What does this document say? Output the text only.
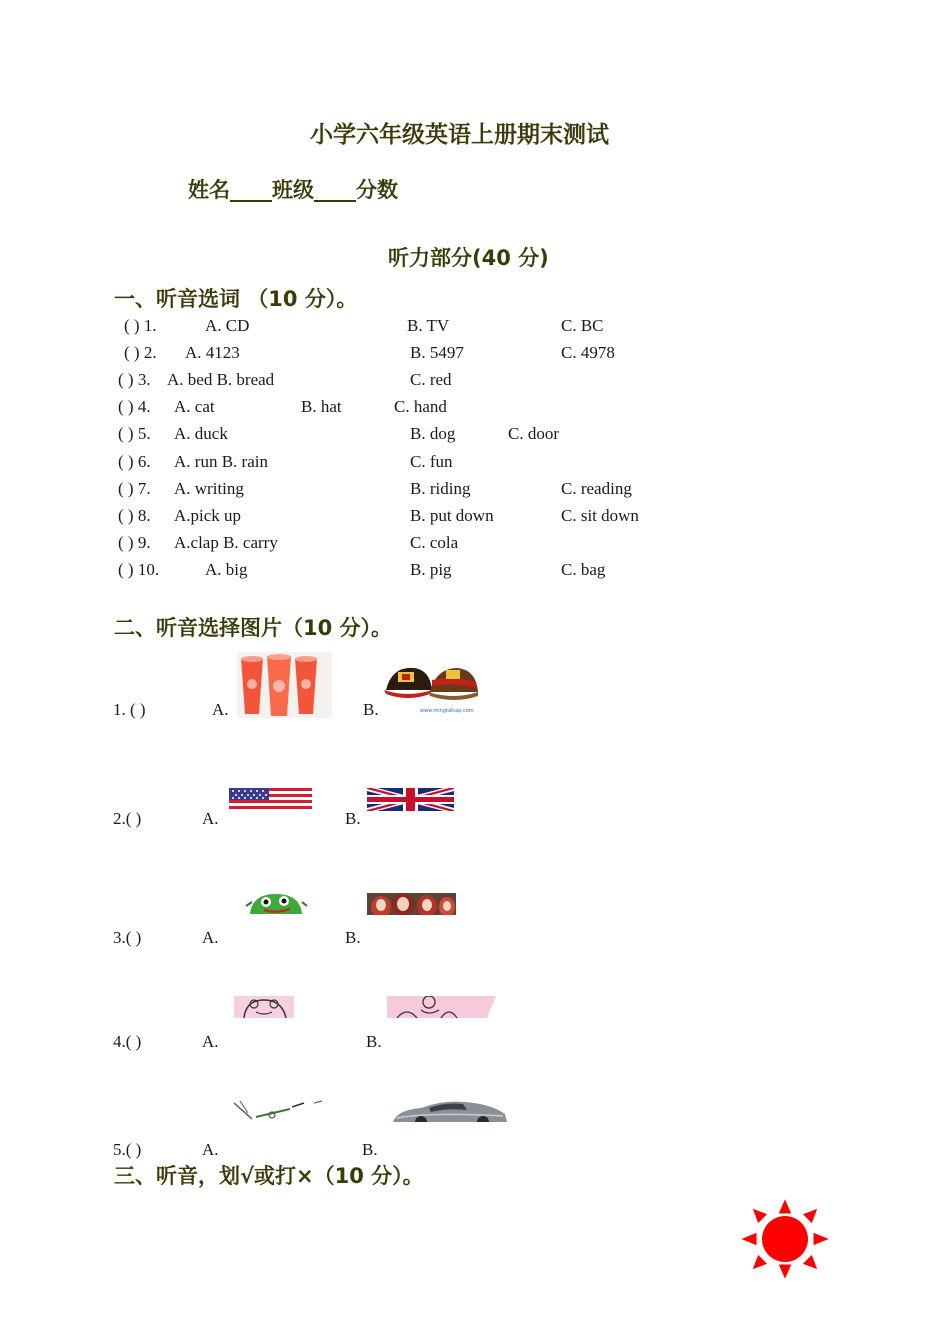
小学六年级英语上册期末测试
姓名____班级____分数
听力部分(40 分)
一、听音选词 （10 分）。
( ) 1.	A. CD	B. TV	C. BC
( ) 2. A. 4123	B. 5497	C. 4978
( ) 3. A. bed B. bread	C. red
( ) 4. A. cat	B. hat	C. hand
( ) 5. A. duck	B. dog	C. door
( ) 6. A. run B. rain	C. fun
( ) 7. A. writing	B. riding	C. reading
( ) 8. A.pick up	B. put down	C. sit down
( ) 9. A.clap B. carry	C. cola
( ) 10.	A. big	B. pig	C. bag
二、听音选择图片（10 分）。
1. ( )	A.	B.	www.mingtaicap.com
2.( )	A.	B.
3.( )	A.	B.
4.( )	A.	B.
5.( )	A.	B.
三、听音，划√或打×（10 分）。
